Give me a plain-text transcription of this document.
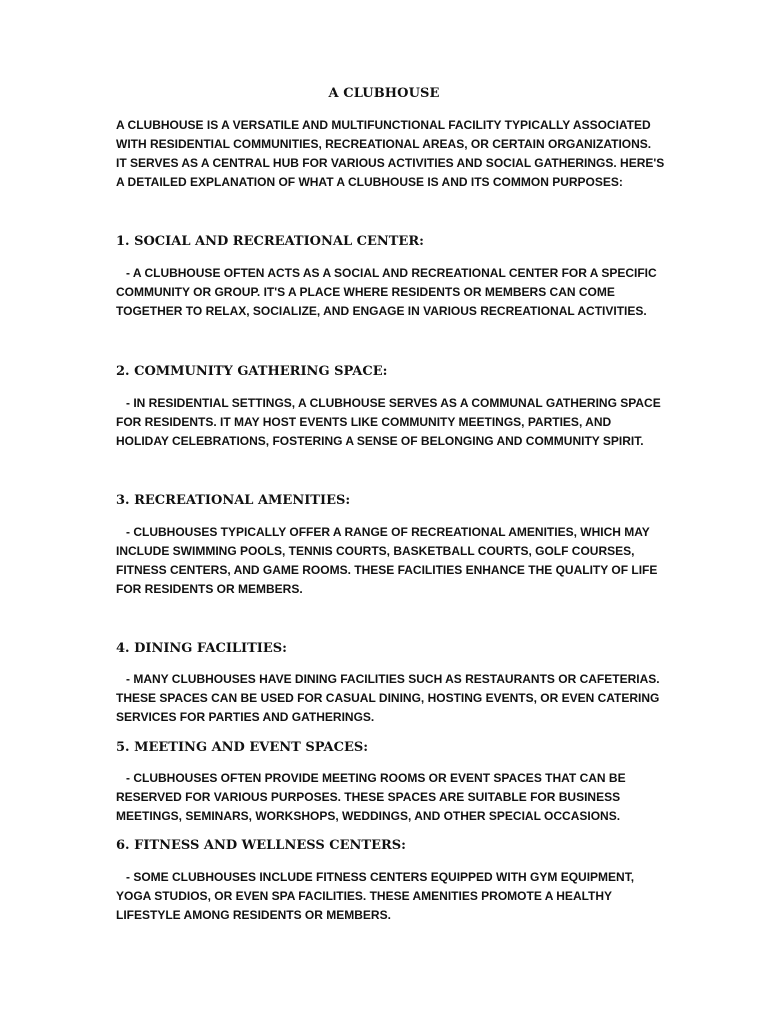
A CLUBHOUSE
A CLUBHOUSE IS A VERSATILE AND MULTIFUNCTIONAL FACILITY TYPICALLY ASSOCIATED
WITH RESIDENTIAL COMMUNITIES, RECREATIONAL AREAS, OR CERTAIN ORGANIZATIONS.
IT SERVES AS A CENTRAL HUB FOR VARIOUS ACTIVITIES AND SOCIAL GATHERINGS. HERE'S
A DETAILED EXPLANATION OF WHAT A CLUBHOUSE IS AND ITS COMMON PURPOSES:
1. SOCIAL AND RECREATIONAL CENTER:
- A CLUBHOUSE OFTEN ACTS AS A SOCIAL AND RECREATIONAL CENTER FOR A SPECIFIC
COMMUNITY OR GROUP. IT'S A PLACE WHERE RESIDENTS OR MEMBERS CAN COME
TOGETHER TO RELAX, SOCIALIZE, AND ENGAGE IN VARIOUS RECREATIONAL ACTIVITIES.
2. COMMUNITY GATHERING SPACE:
- IN RESIDENTIAL SETTINGS, A CLUBHOUSE SERVES AS A COMMUNAL GATHERING SPACE
FOR RESIDENTS. IT MAY HOST EVENTS LIKE COMMUNITY MEETINGS, PARTIES, AND
HOLIDAY CELEBRATIONS, FOSTERING A SENSE OF BELONGING AND COMMUNITY SPIRIT.
3. RECREATIONAL AMENITIES:
- CLUBHOUSES TYPICALLY OFFER A RANGE OF RECREATIONAL AMENITIES, WHICH MAY
INCLUDE SWIMMING POOLS, TENNIS COURTS, BASKETBALL COURTS, GOLF COURSES,
FITNESS CENTERS, AND GAME ROOMS. THESE FACILITIES ENHANCE THE QUALITY OF LIFE
FOR RESIDENTS OR MEMBERS.
4. DINING FACILITIES:
- MANY CLUBHOUSES HAVE DINING FACILITIES SUCH AS RESTAURANTS OR CAFETERIAS.
THESE SPACES CAN BE USED FOR CASUAL DINING, HOSTING EVENTS, OR EVEN CATERING
SERVICES FOR PARTIES AND GATHERINGS.
5. MEETING AND EVENT SPACES:
- CLUBHOUSES OFTEN PROVIDE MEETING ROOMS OR EVENT SPACES THAT CAN BE
RESERVED FOR VARIOUS PURPOSES. THESE SPACES ARE SUITABLE FOR BUSINESS
MEETINGS, SEMINARS, WORKSHOPS, WEDDINGS, AND OTHER SPECIAL OCCASIONS.
6. FITNESS AND WELLNESS CENTERS:
- SOME CLUBHOUSES INCLUDE FITNESS CENTERS EQUIPPED WITH GYM EQUIPMENT,
YOGA STUDIOS, OR EVEN SPA FACILITIES. THESE AMENITIES PROMOTE A HEALTHY
LIFESTYLE AMONG RESIDENTS OR MEMBERS.
